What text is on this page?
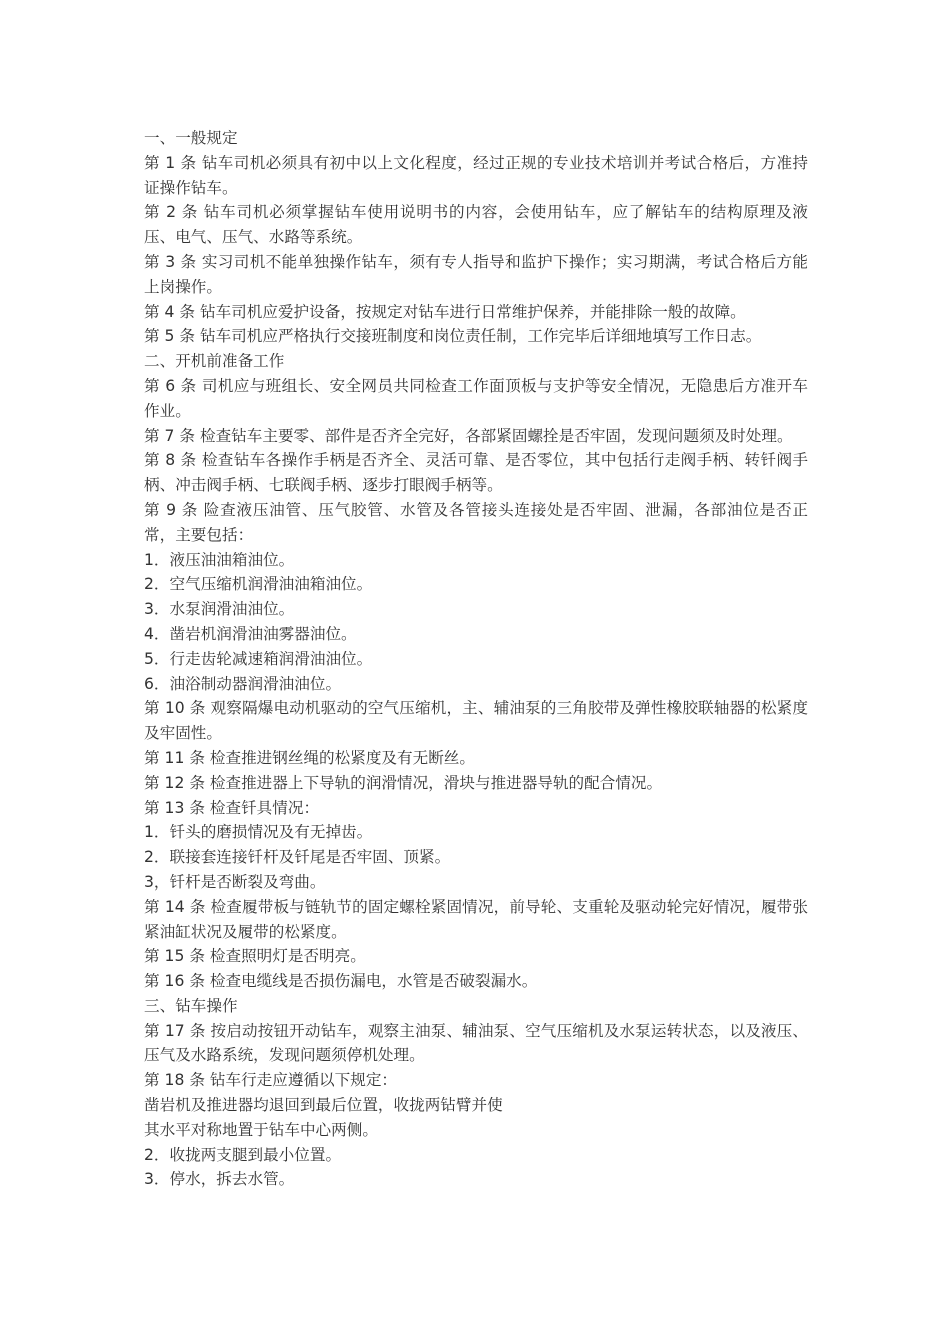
一、一般规定

第 1 条 钻车司机必须具有初中以上文化程度，经过正规的专业技术培训并考试合格后，方准持证操作钻车。

第 2 条 钻车司机必须掌握钻车使用说明书的内容，会使用钻车，应了解钻车的结构原理及液压、电气、压气、水路等系统。

第 3 条 实习司机不能单独操作钻车，须有专人指导和监护下操作；实习期满，考试合格后方能上岗操作。

第 4 条 钻车司机应爱护设备，按规定对钻车进行日常维护保养，并能排除一般的故障。

第 5 条 钻车司机应严格执行交接班制度和岗位责任制，工作完毕后详细地填写工作日志。

二、开机前准备工作

第 6 条 司机应与班组长、安全网员共同检查工作面顶板与支护等安全情况，无隐患后方准开车作业。

第 7 条 检查钻车主要零、部件是否齐全完好，各部紧固螺拴是否牢固，发现问题须及时处理。

第 8 条 检查钻车各操作手柄是否齐全、灵活可靠、是否零位，其中包括行走阀手柄、转钎阀手柄、冲击阀手柄、七联阀手柄、逐步打眼阀手柄等。

第 9 条 险查液压油管、压气胶管、水管及各管接头连接处是否牢固、泄漏，各部油位是否正常，主要包括：

1．液压油油箱油位。

2．空气压缩机润滑油油箱油位。

3．水泵润滑油油位。

4．凿岩机润滑油油雾器油位。

5．行走齿轮减速箱润滑油油位。

6．油浴制动器润滑油油位。

第 10 条 观察隔爆电动机驱动的空气压缩机，主、辅油泵的三角胶带及弹性橡胶联轴器的松紧度及牢固性。

第 11 条 检查推进钢丝绳的松紧度及有无断丝。

第 12 条 检查推进器上下导轨的润滑情况，滑块与推进器导轨的配合情况。

第 13 条 检查钎具情况：

1．钎头的磨损情况及有无掉齿。

2．联接套连接钎杆及钎尾是否牢固、顶紧。

3，钎杆是否断裂及弯曲。

第 14 条 检查履带板与链轨节的固定螺栓紧固情况，前导轮、支重轮及驱动轮完好情况，履带张紧油缸状况及履带的松紧度。

第 15 条 检查照明灯是否明亮。

第 16 条 检查电缆线是否损伤漏电，水管是否破裂漏水。

三、钻车操作

第 17 条 按启动按钮开动钻车，观察主油泵、辅油泵、空气压缩机及水泵运转状态，以及液压、压气及水路系统，发现问题须停机处理。

第 18 条 钻车行走应遵循以下规定：

凿岩机及推进器均退回到最后位置，收拢两钻臂并使

其水平对称地置于钻车中心两侧。

2．收拢两支腿到最小位置。

3．停水，拆去水管。
